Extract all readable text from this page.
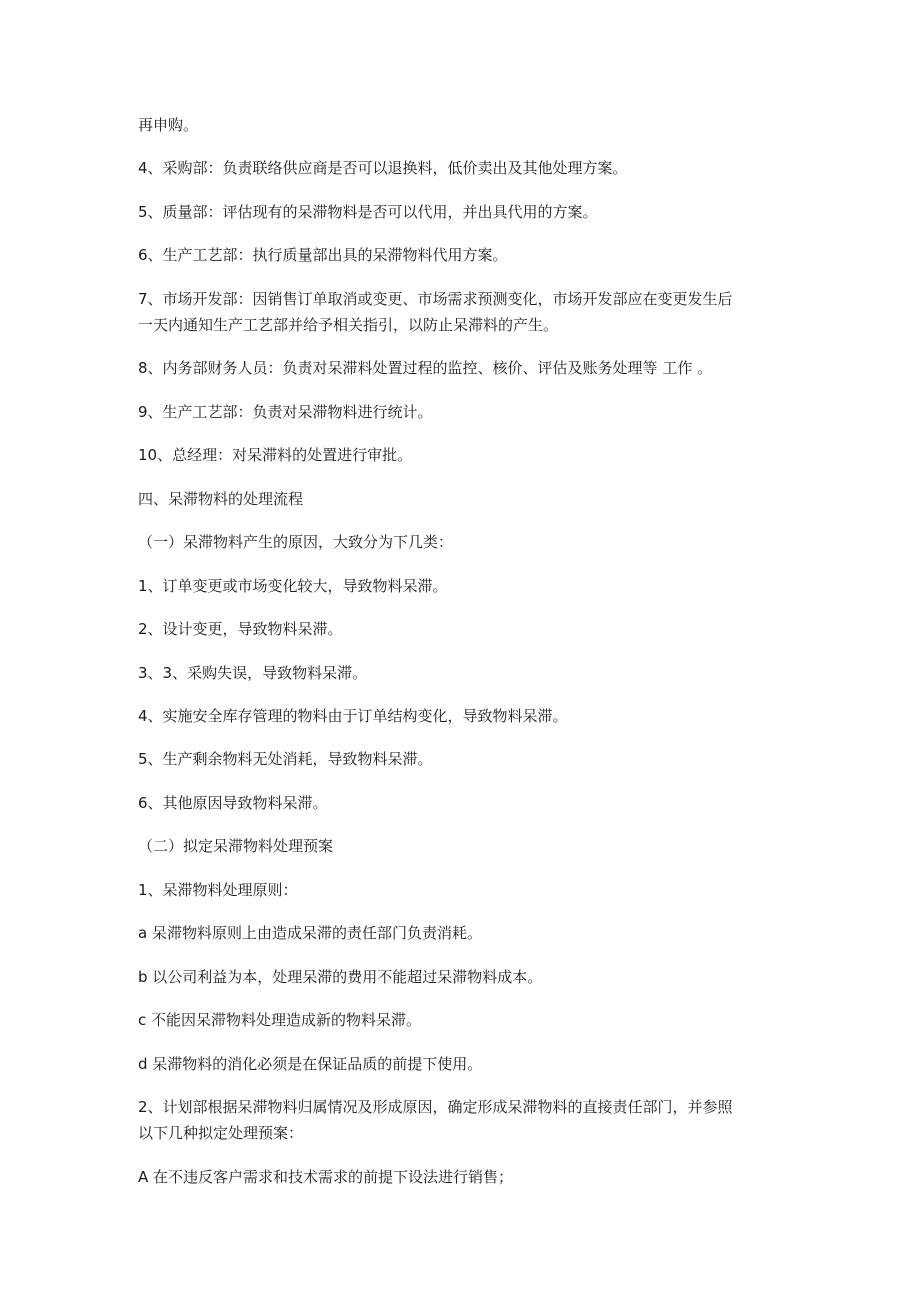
再申购。

4、采购部：负责联络供应商是否可以退换料，低价卖出及其他处理方案。

5、质量部：评估现有的呆滞物料是否可以代用，并出具代用的方案。

6、生产工艺部：执行质量部出具的呆滞物料代用方案。

7、市场开发部：因销售订单取消或变更、市场需求预测变化，市场开发部应在变更发生后

一天内通知生产工艺部并给予相关指引，以防止呆滞料的产生。

8、内务部财务人员：负责对呆滞料处置过程的监控、核价、评估及账务处理等 工作 。

9、生产工艺部：负责对呆滞物料进行统计。

10、总经理：对呆滞料的处置进行审批。

四、呆滞物料的处理流程

（一）呆滞物料产生的原因，大致分为下几类：

1、订单变更或市场变化较大，导致物料呆滞。

2、设计变更，导致物料呆滞。

3、3、采购失误，导致物料呆滞。

4、实施安全库存管理的物料由于订单结构变化，导致物料呆滞。

5、生产剩余物料无处消耗，导致物料呆滞。

6、其他原因导致物料呆滞。

（二）拟定呆滞物料处理预案

1、呆滞物料处理原则：

a 呆滞物料原则上由造成呆滞的责任部门负责消耗。

b 以公司利益为本，处理呆滞的费用不能超过呆滞物料成本。

c 不能因呆滞物料处理造成新的物料呆滞。

d 呆滞物料的消化必须是在保证品质的前提下使用。

2、计划部根据呆滞物料归属情况及形成原因，确定形成呆滞物料的直接责任部门，并参照

以下几种拟定处理预案：

A 在不违反客户需求和技术需求的前提下设法进行销售；
